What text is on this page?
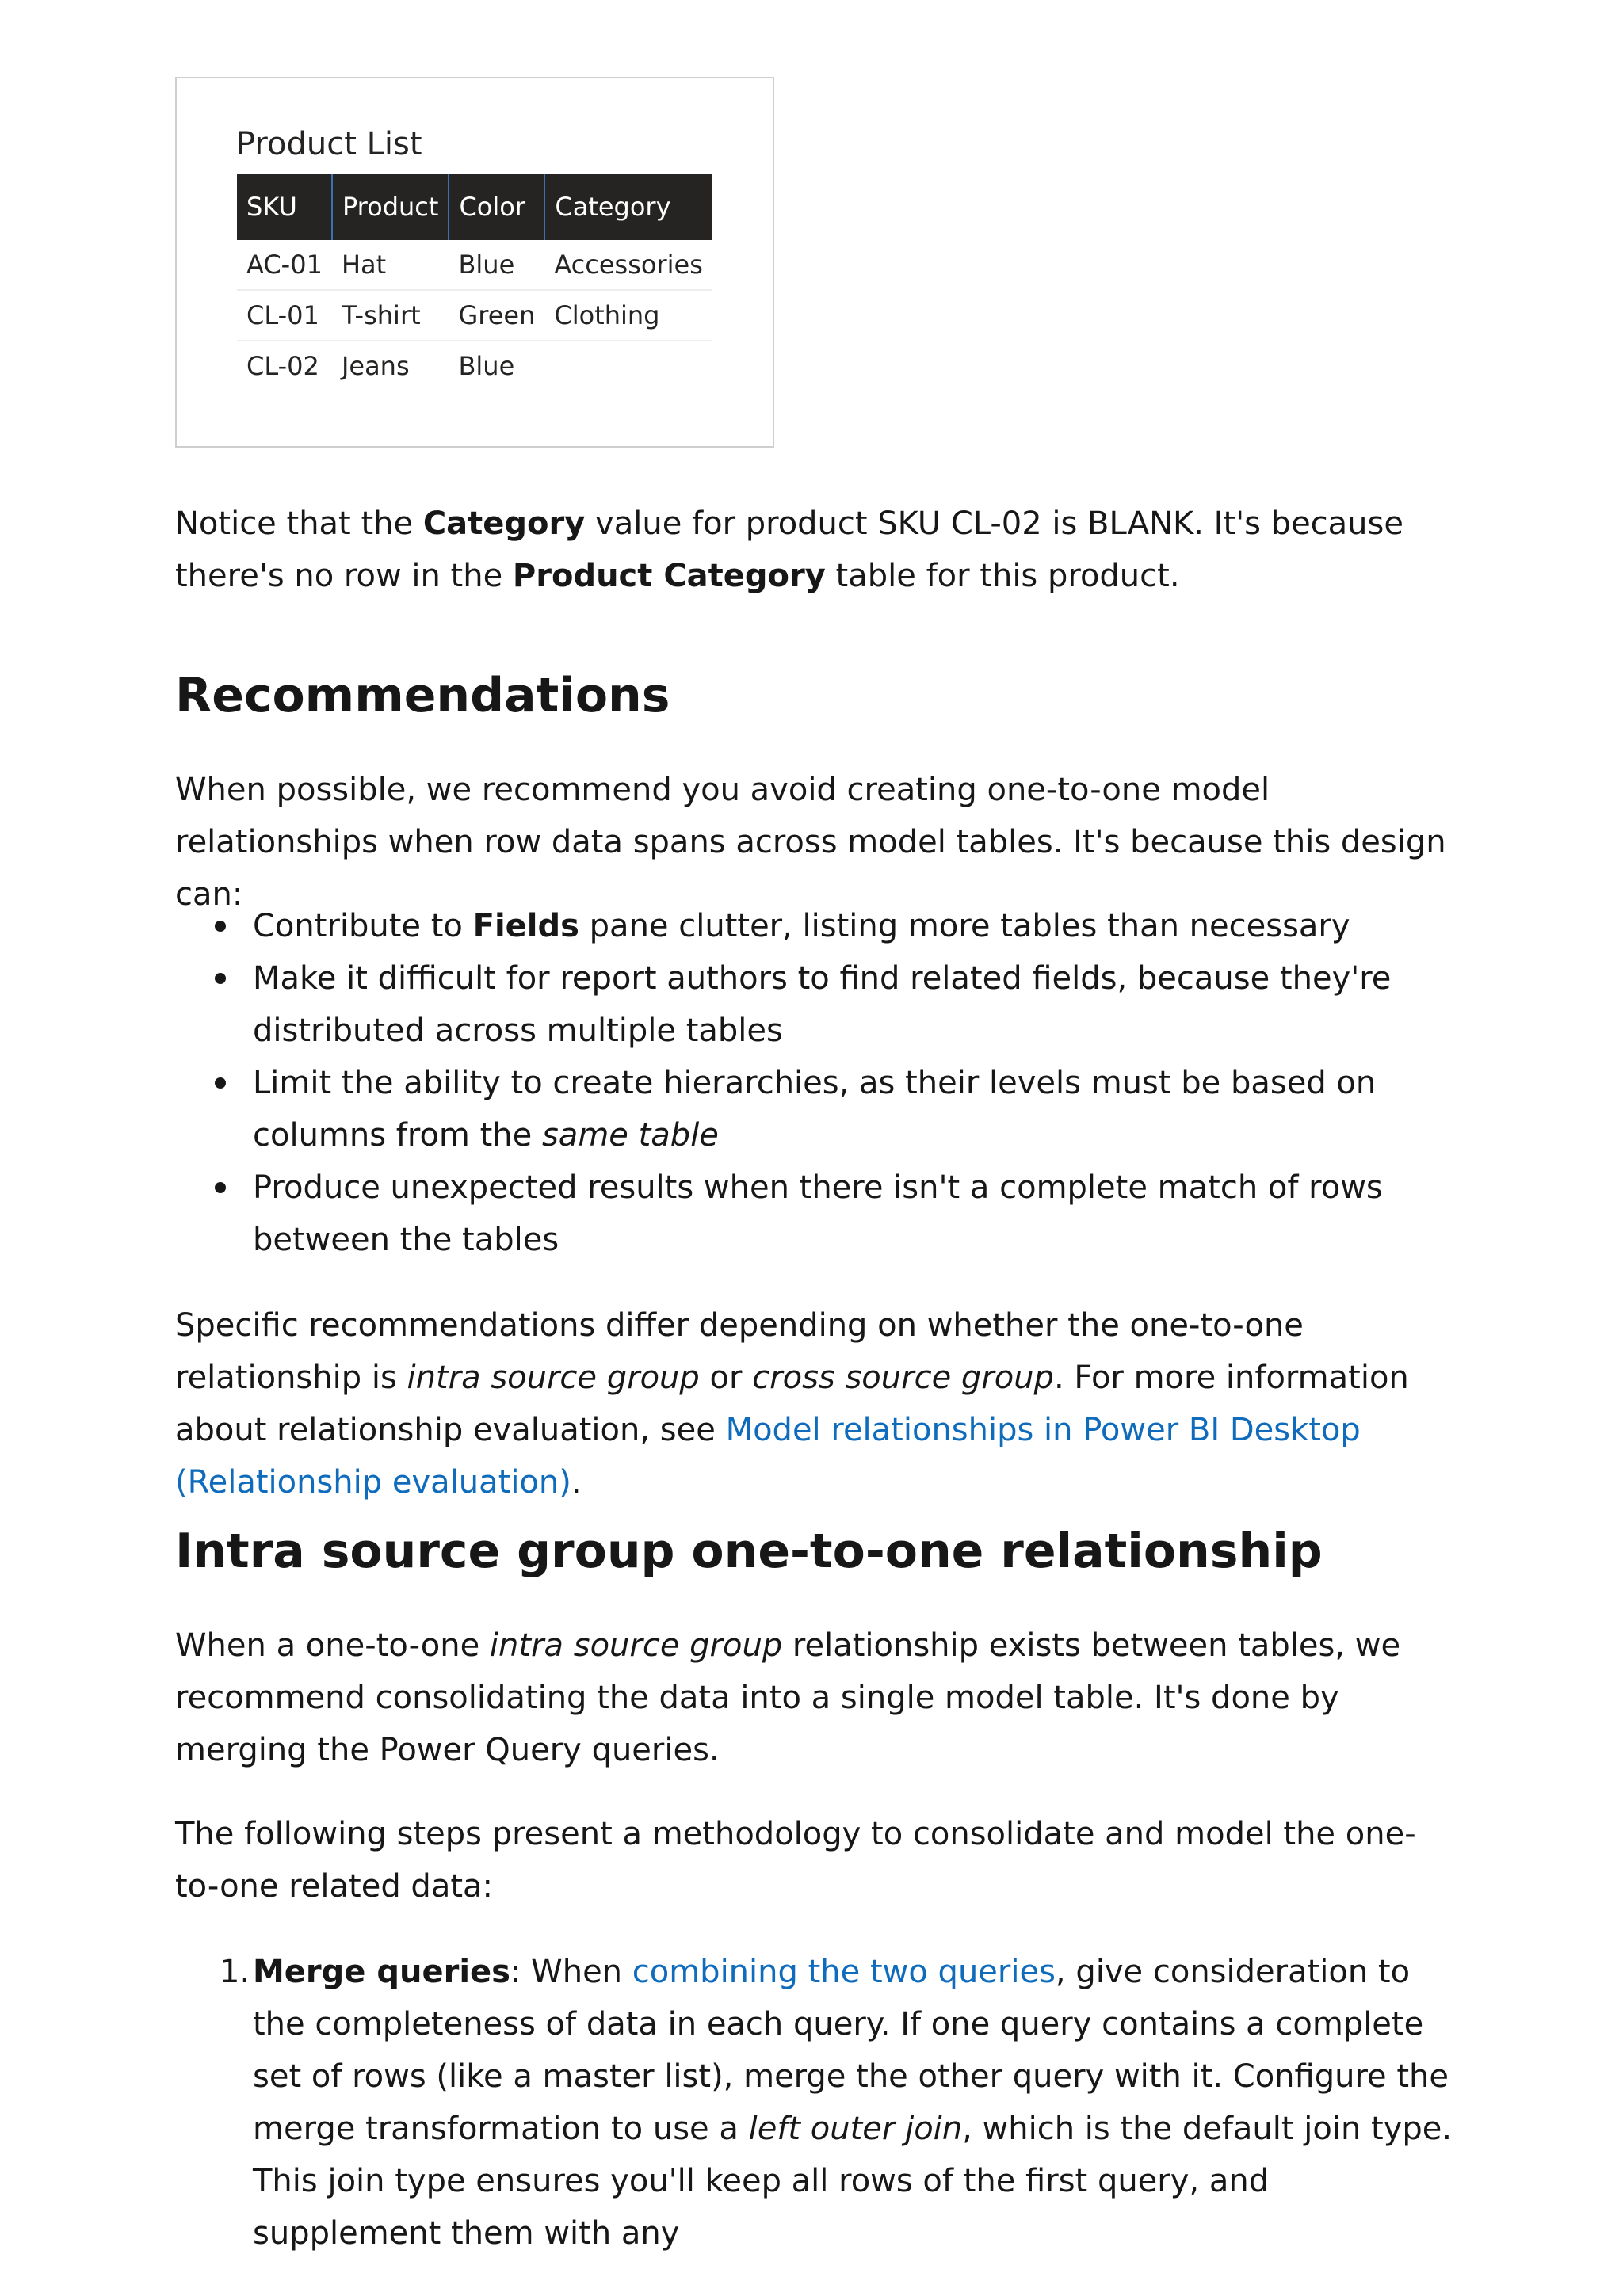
Product List
SKU	Product	Color	Category
AC-01	Hat	Blue	Accessories
CL-01	T-shirt	Green	Clothing
CL-02	Jeans	Blue	

Notice that the Category value for product SKU CL-02 is BLANK. It's because there's no row in the Product Category table for this product.

Recommendations

When possible, we recommend you avoid creating one-to-one model relationships when row data spans across model tables. It's because this design can:

Contribute to Fields pane clutter, listing more tables than necessary
Make it difficult for report authors to find related fields, because they're distributed across multiple tables
Limit the ability to create hierarchies, as their levels must be based on columns from the same table
Produce unexpected results when there isn't a complete match of rows between the tables

Specific recommendations differ depending on whether the one-to-one relationship is intra source group or cross source group. For more information about relationship evaluation, see Model relationships in Power BI Desktop (Relationship evaluation).

Intra source group one-to-one relationship

When a one-to-one intra source group relationship exists between tables, we recommend consolidating the data into a single model table. It's done by merging the Power Query queries.

The following steps present a methodology to consolidate and model the one-to-one related data:

1. Merge queries: When combining the two queries, give consideration to the completeness of data in each query. If one query contains a complete set of rows (like a master list), merge the other query with it. Configure the merge transformation to use a left outer join, which is the default join type. This join type ensures you'll keep all rows of the first query, and supplement them with any
